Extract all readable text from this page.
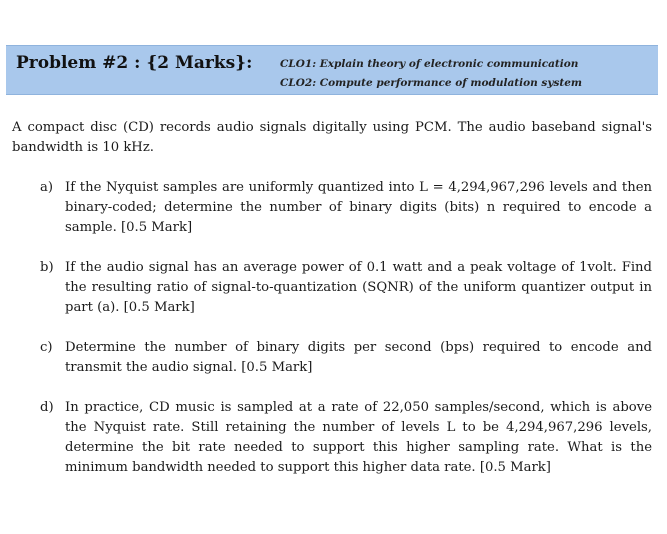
Problem #2 : {2 Marks}:	CLO1: Explain theory of electronic communication
CLO2: Compute performance of modulation system
A compact disc (CD) records audio signals digitally using PCM. The audio baseband signal's bandwidth is 10 kHz.
a) If the Nyquist samples are uniformly quantized into L = 4,294,967,296 levels and then binary-coded; determine the number of binary digits (bits) n required to encode a sample. [0.5 Mark]
b) If the audio signal has an average power of 0.1 watt and a peak voltage of 1volt. Find the resulting ratio of signal-to-quantization (SQNR) of the uniform quantizer output in part (a). [0.5 Mark]
c) Determine the number of binary digits per second (bps) required to encode and transmit the audio signal. [0.5 Mark]
d) In practice, CD music is sampled at a rate of 22,050 samples/second, which is above the Nyquist rate. Still retaining the number of levels L to be 4,294,967,296 levels, determine the bit rate needed to support this higher sampling rate. What is the minimum bandwidth needed to support this higher data rate. [0.5 Mark]
